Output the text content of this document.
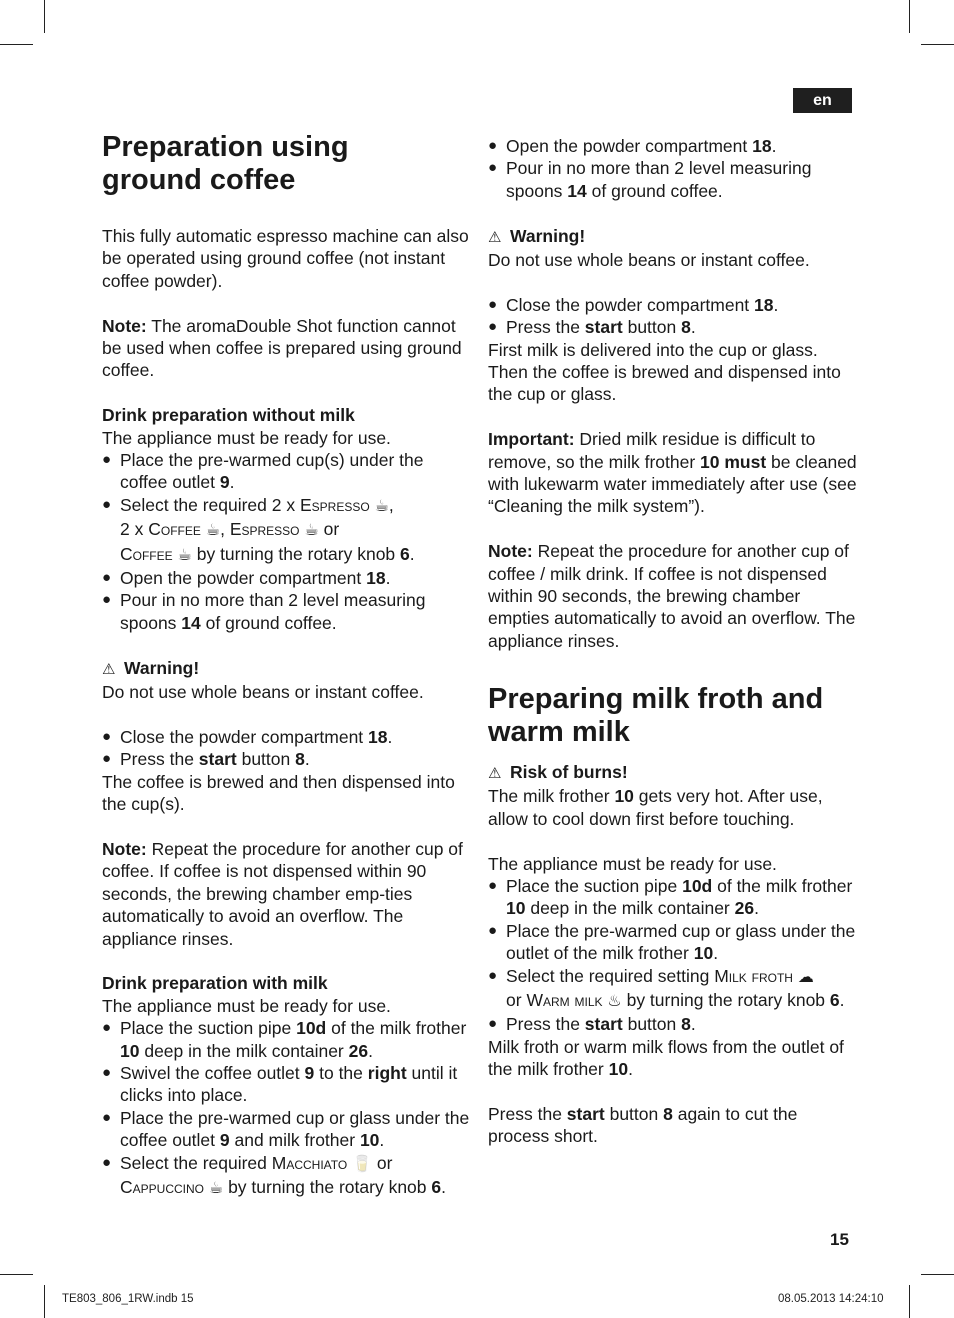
en

Preparation using

ground coffee

This fully automatic espresso machine can also be operated using ground coffee (not instant coffee powder).

Note: The aromaDouble Shot function cannot be used when coffee is prepared using ground coffee.

Drink preparation without milk

The appliance must be ready for use.

● Place the pre-warmed cup(s) under the coffee outlet 9.

● Select the required 2 x Espresso ☕,
2 x Coffee ☕, Espresso ☕ or
Coffee ☕ by turning the rotary knob 6.

● Open the powder compartment 18.

● Pour in no more than 2 level measuring spoons 14 of ground coffee.

⚠ Warning!

Do not use whole beans or instant coffee.

● Close the powder compartment 18.

● Press the start button 8.

The coffee is brewed and then dispensed into the cup(s).

Note: Repeat the procedure for another cup of coffee. If coffee is not dispensed within 90 seconds, the brewing chamber emp-ties automatically to avoid an overflow. The appliance rinses.

Drink preparation with milk

The appliance must be ready for use.

● Place the suction pipe 10d of the milk frother 10 deep in the milk container 26.

● Swivel the coffee outlet 9 to the right until it clicks into place.

● Place the pre-warmed cup or glass under the coffee outlet 9 and milk frother 10.

● Select the required Macchiato 🥛 or
Cappuccino ☕ by turning the rotary knob 6.

● Open the powder compartment 18.

● Pour in no more than 2 level measuring spoons 14 of ground coffee.

⚠ Warning!

Do not use whole beans or instant coffee.

● Close the powder compartment 18.

● Press the start button 8.

First milk is delivered into the cup or glass. Then the coffee is brewed and dispensed into the cup or glass.

Important: Dried milk residue is difficult to remove, so the milk frother 10 must be cleaned with lukewarm water immediately after use (see “Cleaning the milk system”).

Note: Repeat the procedure for another cup of coffee / milk drink. If coffee is not dispensed within 90 seconds, the brewing chamber empties automatically to avoid an overflow. The appliance rinses.

Preparing milk froth and

warm milk

⚠ Risk of burns!

The milk frother 10 gets very hot. After use, allow to cool down first before touching.

The appliance must be ready for use.

● Place the suction pipe 10d of the milk frother 10 deep in the milk container 26.

● Place the pre-warmed cup or glass under the outlet of the milk frother 10.

● Select the required setting Milk froth ☁
or Warm milk ♨ by turning the rotary knob 6.

● Press the start button 8.

Milk froth or warm milk flows from the outlet of the milk frother 10.

Press the start button 8 again to cut the process short.

15
TE803_806_1RW.indb 15	08.05.2013 14:24:10
